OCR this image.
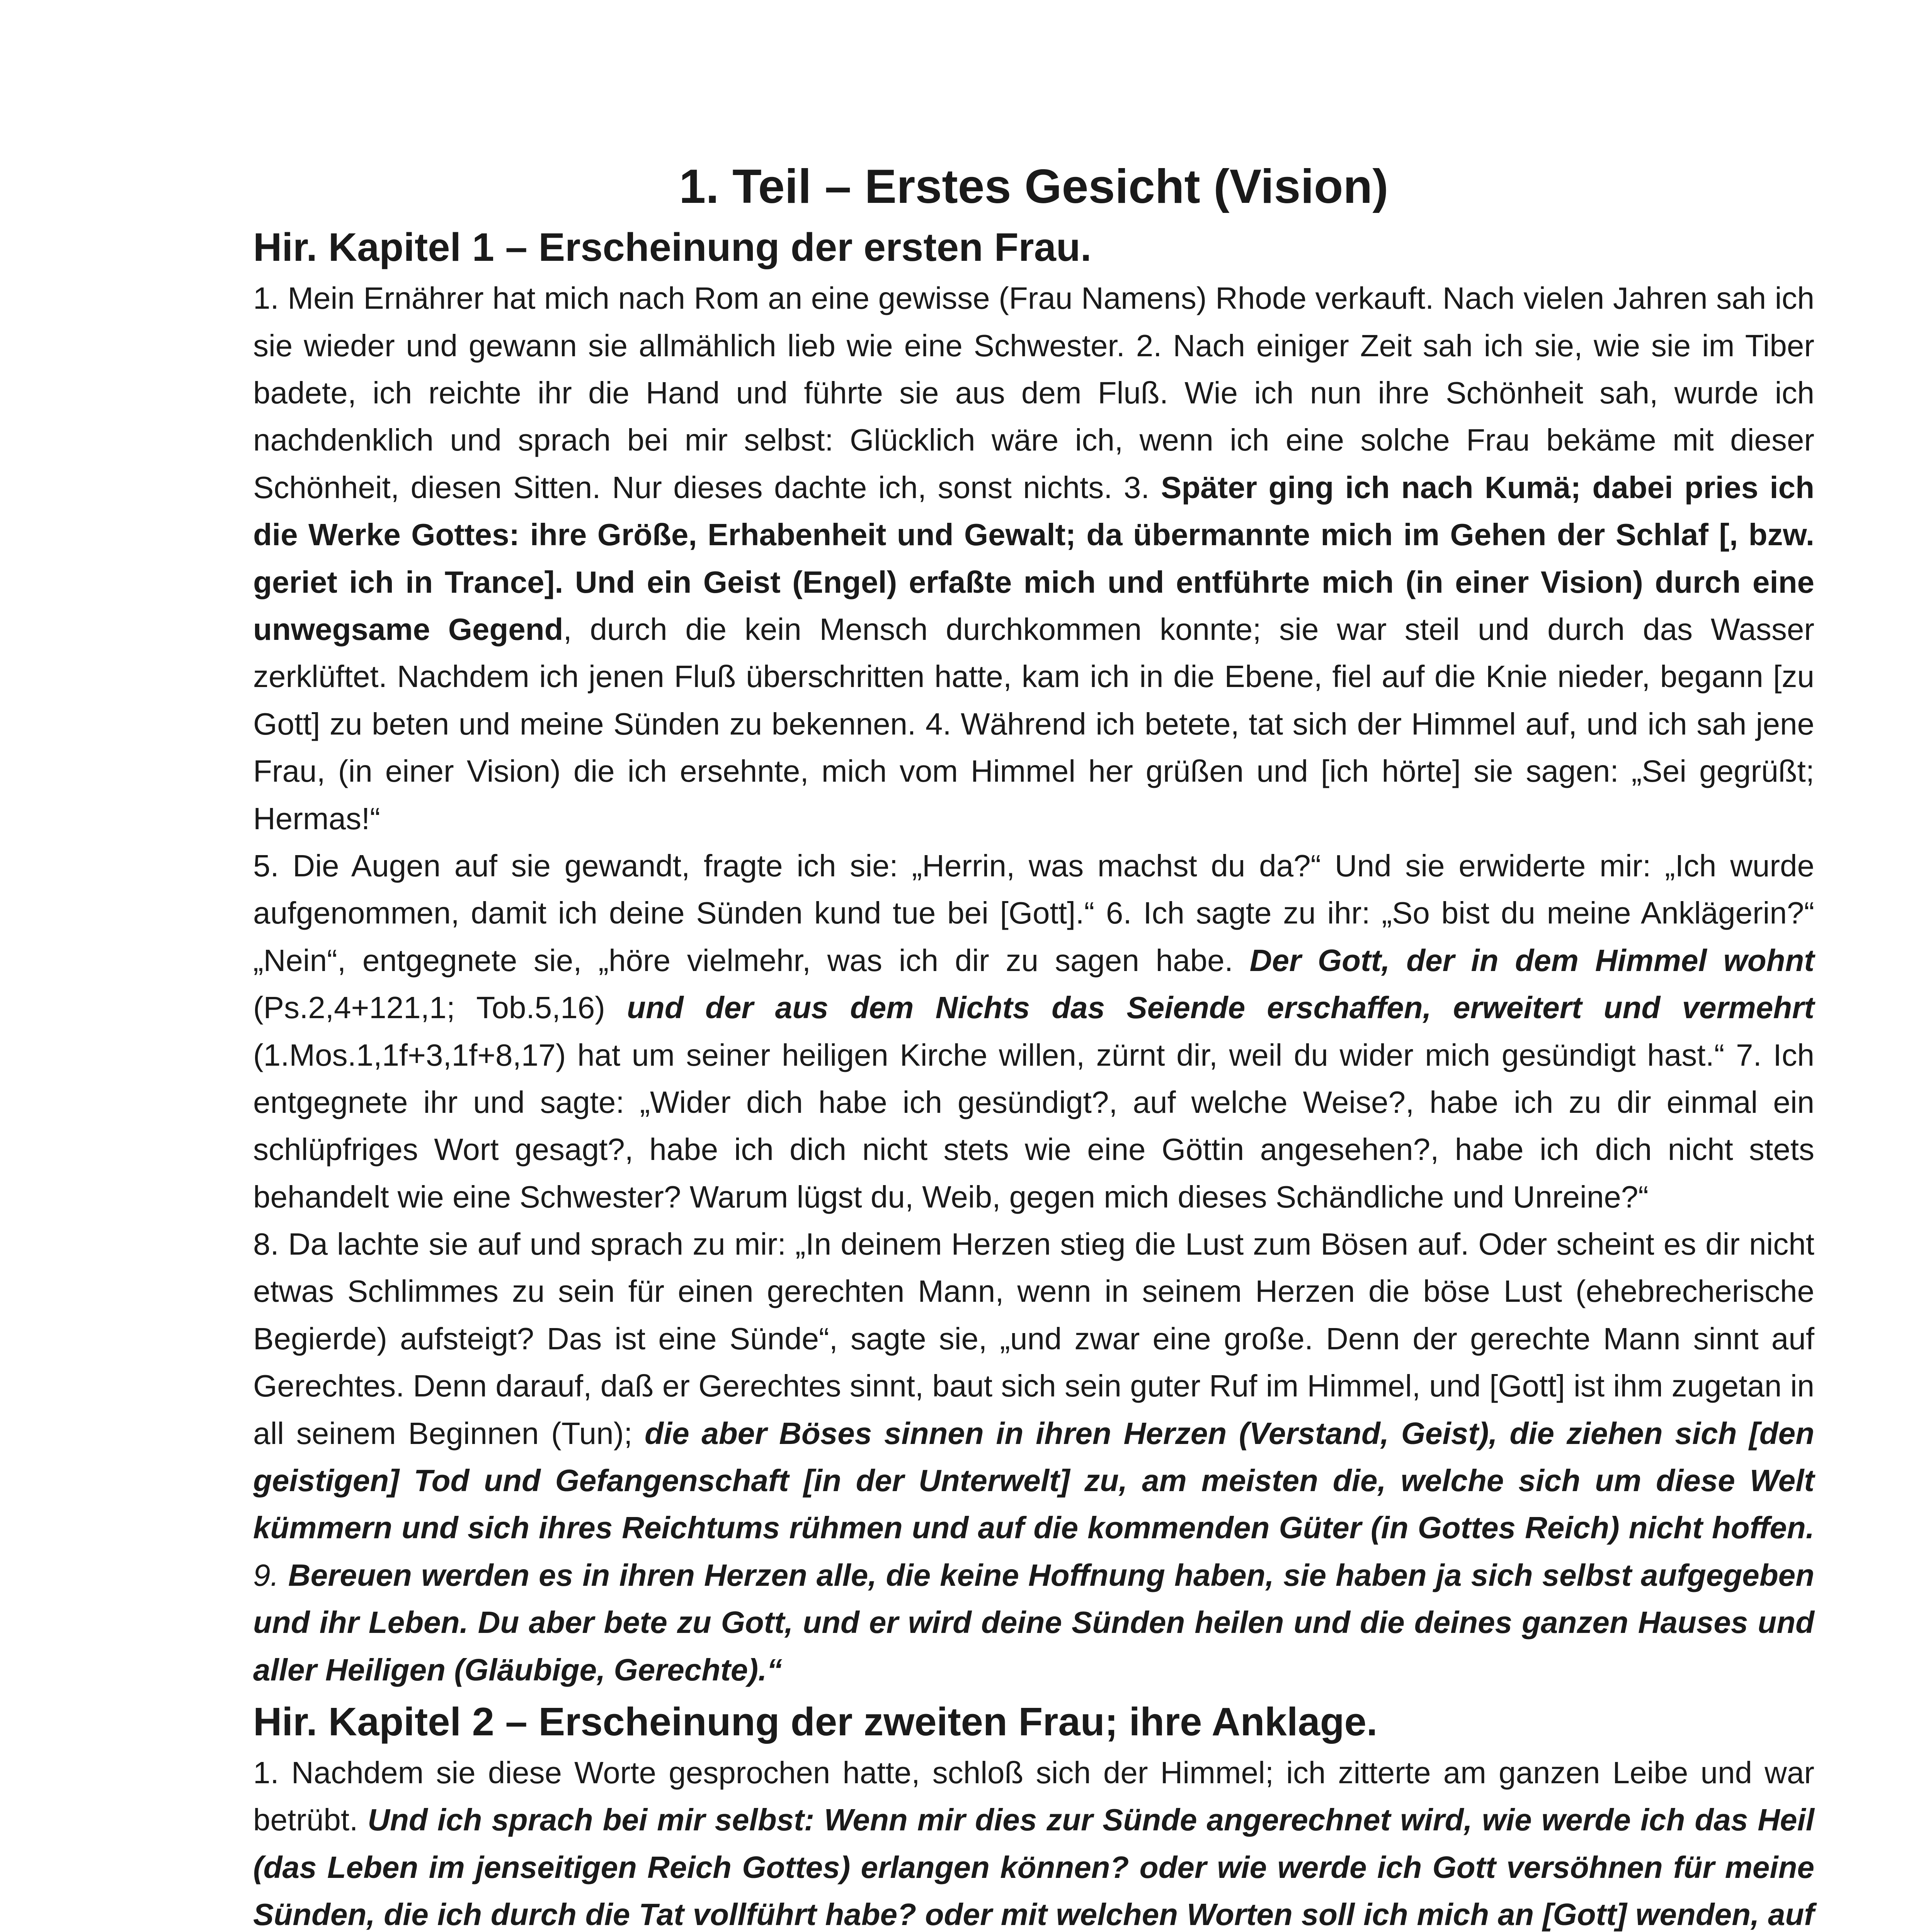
1. Teil – Erstes Gesicht (Vision)
Hir. Kapitel 1 – Erscheinung der ersten Frau.

1. Mein Ernährer hat mich nach Rom an eine gewisse (Frau Namens) Rhode verkauft. Nach vielen Jahren sah ich sie wieder und gewann sie allmählich lieb wie eine Schwester. 2. Nach einiger Zeit sah ich sie, wie sie im Tiber badete, ich reichte ihr die Hand und führte sie aus dem Fluß. Wie ich nun ihre Schönheit sah, wurde ich nachdenklich und sprach bei mir selbst: Glücklich wäre ich, wenn ich eine solche Frau bekäme mit dieser Schönheit, diesen Sitten. Nur dieses dachte ich, sonst nichts. 3. Später ging ich nach Kumä; dabei pries ich die Werke Gottes: ihre Größe, Erhabenheit und Gewalt; da übermannte mich im Gehen der Schlaf [, bzw. geriet ich in Trance]. Und ein Geist (Engel) erfaßte mich und entführte mich (in einer Vision) durch eine unwegsame Gegend, durch die kein Mensch durchkommen konnte; sie war steil und durch das Wasser zerklüftet. Nachdem ich jenen Fluß überschritten hatte, kam ich in die Ebene, fiel auf die Knie nieder, begann [zu Gott] zu beten und meine Sünden zu bekennen. 4. Während ich betete, tat sich der Himmel auf, und ich sah jene Frau, (in einer Vision) die ich ersehnte, mich vom Himmel her grüßen und [ich hörte] sie sagen: „Sei gegrüßt; Hermas!“

5. Die Augen auf sie gewandt, fragte ich sie: „Herrin, was machst du da?“ Und sie erwiderte mir: „Ich wurde aufgenommen, damit ich deine Sünden kund tue bei [Gott].“ 6. Ich sagte zu ihr: „So bist du meine Anklägerin?“ „Nein“, entgegnete sie, „höre vielmehr, was ich dir zu sagen habe. Der Gott, der in dem Himmel wohnt (Ps.2,4+121,1; Tob.5,16) und der aus dem Nichts das Seiende erschaffen, erweitert und vermehrt (1.Mos.1,1f+3,1f+8,17) hat um seiner heiligen Kirche willen, zürnt dir, weil du wider mich gesündigt hast.“ 7. Ich entgegnete ihr und sagte: „Wider dich habe ich gesündigt?, auf welche Weise?, habe ich zu dir einmal ein schlüpfriges Wort gesagt?, habe ich dich nicht stets wie eine Göttin angesehen?, habe ich dich nicht stets behandelt wie eine Schwester? Warum lügst du, Weib, gegen mich dieses Schändliche und Unreine?“

8. Da lachte sie auf und sprach zu mir: „In deinem Herzen stieg die Lust zum Bösen auf. Oder scheint es dir nicht etwas Schlimmes zu sein für einen gerechten Mann, wenn in seinem Herzen die böse Lust (ehebrecherische Begierde) aufsteigt? Das ist eine Sünde“, sagte sie, „und zwar eine große. Denn der gerechte Mann sinnt auf Gerechtes. Denn darauf, daß er Gerechtes sinnt, baut sich sein guter Ruf im Himmel, und [Gott] ist ihm zugetan in all seinem Beginnen (Tun); die aber Böses sinnen in ihren Herzen (Verstand, Geist), die ziehen sich [den geistigen] Tod und Gefangenschaft [in der Unterwelt] zu, am meisten die, welche sich um diese Welt kümmern und sich ihres Reichtums rühmen und auf die kommenden Güter (in Gottes Reich) nicht hoffen. 9. Bereuen werden es in ihren Herzen alle, die keine Hoffnung haben, sie haben ja sich selbst aufgegeben und ihr Leben. Du aber bete zu Gott, und er wird deine Sünden heilen und die deines ganzen Hauses und aller Heiligen (Gläubige, Gerechte).“

Hir. Kapitel 2 – Erscheinung der zweiten Frau; ihre Anklage.

1. Nachdem sie diese Worte gesprochen hatte, schloß sich der Himmel; ich zitterte am ganzen Leibe und war betrübt. Und ich sprach bei mir selbst: Wenn mir dies zur Sünde angerechnet wird, wie werde ich das Heil (das Leben im jenseitigen Reich Gottes) erlangen können? oder wie werde ich Gott versöhnen für meine Sünden, die ich durch die Tat vollführt habe? oder mit welchen Worten soll ich mich an [Gott] wenden, auf
